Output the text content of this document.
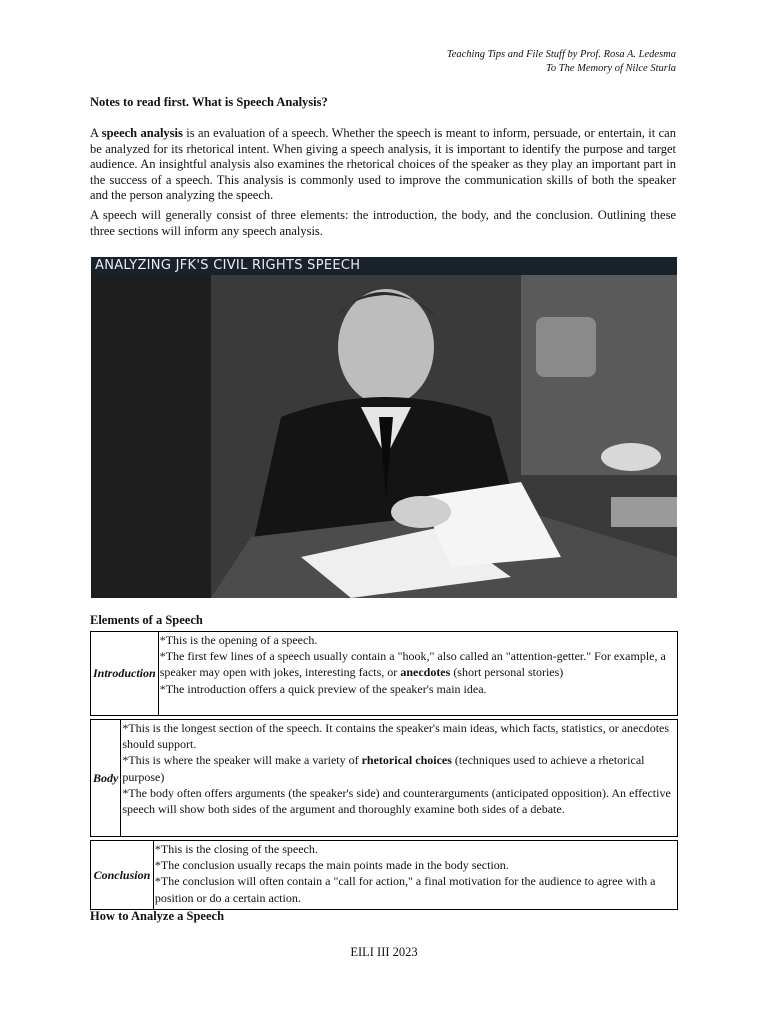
Teaching Tips and File Stuff by Prof. Rosa A. Ledesma
To The Memory of Nilce Sturla
Notes to read first. What is Speech Analysis?

A speech analysis is an evaluation of a speech. Whether the speech is meant to inform, persuade, or entertain, it can be analyzed for its rhetorical intent. When giving a speech analysis, it is important to identify the purpose and target audience. An insightful analysis also examines the rhetorical choices of the speaker as they play an important part in the success of a speech. This analysis is commonly used to improve the communication skills of both the speaker and the person analyzing the speech.

A speech will generally consist of three elements: the introduction, the body, and the conclusion. Outlining these three sections will inform any speech analysis.

ANALYZING JFK'S CIVIL RIGHTS SPEECH
Elements of a Speech
Introduction
*This is the opening of a speech.
*The first few lines of a speech usually contain a "hook," also called an "attention-getter." For example, a speaker may open with jokes, interesting facts, or anecdotes (short personal stories)
*The introduction offers a quick preview of the speaker's main idea.
Body
*This is the longest section of the speech. It contains the speaker's main ideas, which facts, statistics, or anecdotes should support.
*This is where the speaker will make a variety of rhetorical choices (techniques used to achieve a rhetorical purpose)
*The body often offers arguments (the speaker's side) and counterarguments (anticipated opposition). An effective speech will show both sides of the argument and thoroughly examine both sides of a debate.
Conclusion
*This is the closing of the speech.
*The conclusion usually recaps the main points made in the body section.
*The conclusion will often contain a "call for action," a final motivation for the audience to agree with a position or do a certain action.
How to Analyze a Speech
EILI III 2023
